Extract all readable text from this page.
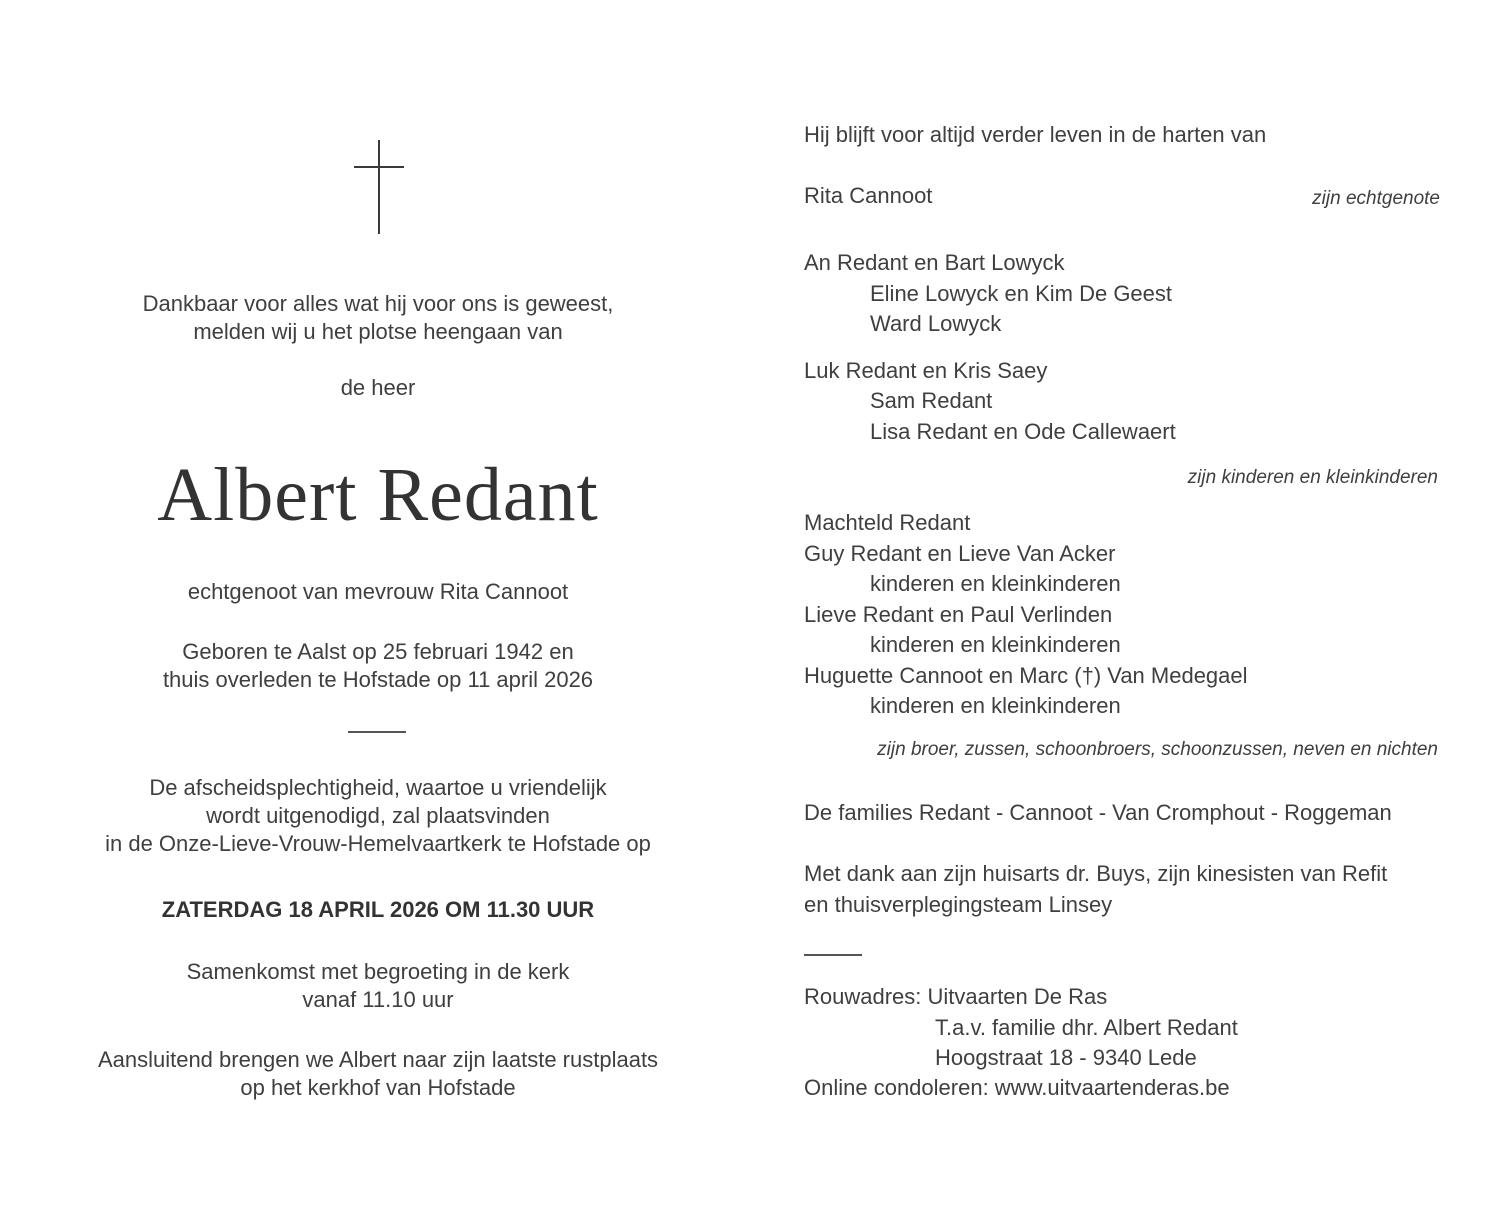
Dankbaar voor alles wat hij voor ons is geweest,

melden wij u het plotse heengaan van

de heer
Albert Redant
echtgenoot van mevrouw Rita Cannoot

Geboren te Aalst op 25 februari 1942 en

thuis overleden te Hofstade op 11 april 2026

De afscheidsplechtigheid, waartoe u vriendelijk

wordt uitgenodigd, zal plaatsvinden

in de Onze-Lieve-Vrouw-Hemelvaartkerk te Hofstade op

ZATERDAG 18 APRIL 2026 OM 11.30 UUR

Samenkomst met begroeting in de kerk

vanaf 11.10 uur

Aansluitend brengen we Albert naar zijn laatste rustplaats

op het kerkhof van Hofstade

Hij blijft voor altijd verder leven in de harten van
Rita Cannoot	zijn echtgenote
An Redant en Bart Lowyck
Eline Lowyck en Kim De Geest
Ward Lowyck
Luk Redant en Kris Saey
Sam Redant
Lisa Redant en Ode Callewaert
zijn kinderen en kleinkinderen
Machteld Redant
Guy Redant en Lieve Van Acker
kinderen en kleinkinderen
Lieve Redant en Paul Verlinden
kinderen en kleinkinderen
Huguette Cannoot en Marc (†) Van Medegael
kinderen en kleinkinderen
zijn broer, zussen, schoonbroers, schoonzussen, neven en nichten
De families Redant - Cannoot - Van Cromphout - Roggeman
Met dank aan zijn huisarts dr. Buys, zijn kinesisten van Refit
en thuisverplegingsteam Linsey
Rouwadres: Uitvaarten De Ras
T.a.v. familie dhr. Albert Redant
Hoogstraat 18 - 9340 Lede
Online condoleren: www.uitvaartenderas.be
